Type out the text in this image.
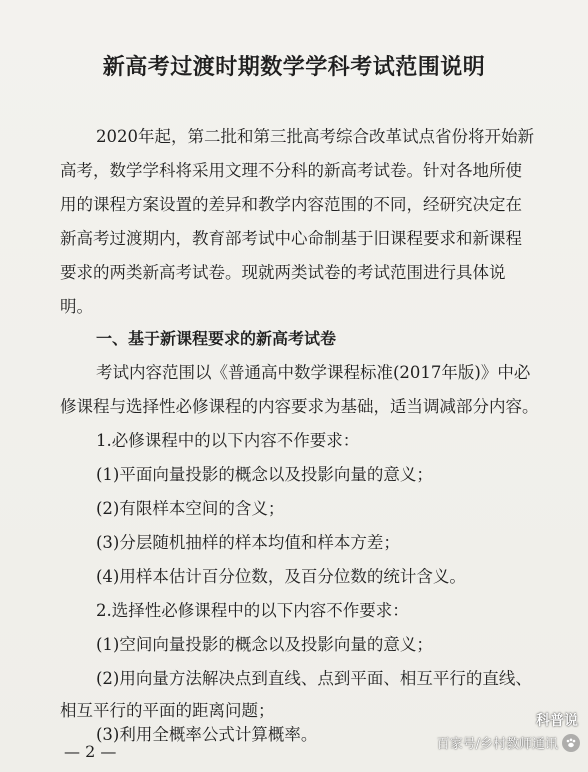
新高考过渡时期数学学科考试范围说明
2020年起，第二批和第三批高考综合改革试点省份将开始新
高考，数学学科将采用文理不分科的新高考试卷。针对各地所使
用的课程方案设置的差异和教学内容范围的不同，经研究决定在
新高考过渡期内，教育部考试中心命制基于旧课程要求和新课程
要求的两类新高考试卷。现就两类试卷的考试范围进行具体说
明。
一、基于新课程要求的新高考试卷
考试内容范围以《普通高中数学课程标准(2017年版)》中必
修课程与选择性必修课程的内容要求为基础，适当调减部分内容。
1.必修课程中的以下内容不作要求：
(1)平面向量投影的概念以及投影向量的意义；
(2)有限样本空间的含义；
(3)分层随机抽样的样本均值和样本方差；
(4)用样本估计百分位数，及百分位数的统计含义。
2.选择性必修课程中的以下内容不作要求：
(1)空间向量投影的概念以及投影向量的意义；
(2)用向量方法解决点到直线、点到平面、相互平行的直线、
相互平行的平面的距离问题；
(3)利用全概率公式计算概率。
— 2 —
科普说
百家号/乡村教师通讯
